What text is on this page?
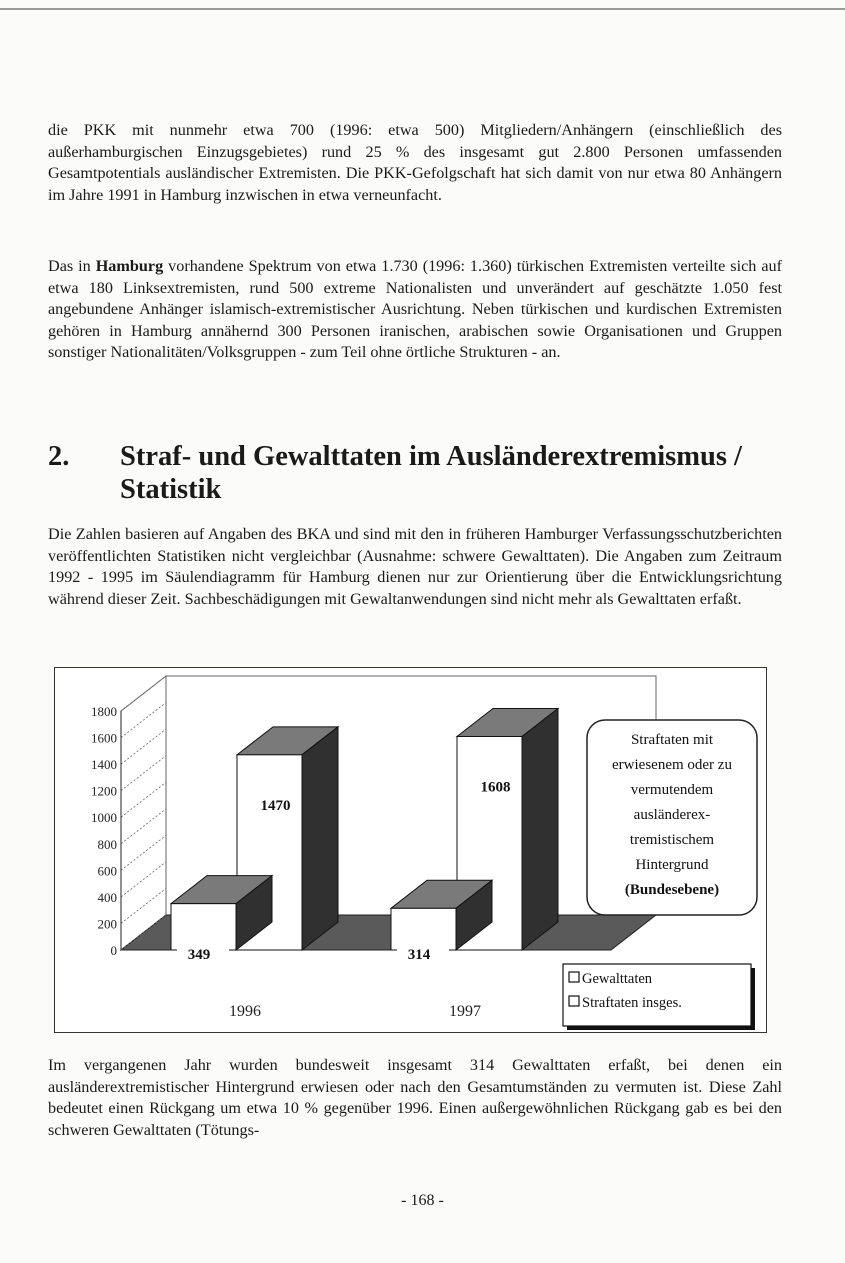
die PKK mit nunmehr etwa 700 (1996: etwa 500) Mitgliedern/Anhängern (einschließlich des außerhamburgischen Einzugsgebietes) rund 25 % des insgesamt gut 2.800 Personen umfassenden Gesamtpotentials ausländischer Extremisten. Die PKK-Gefolgschaft hat sich damit von nur etwa 80 Anhängern im Jahre 1991 in Hamburg inzwischen in etwa verneunfacht.

Das in Hamburg vorhandene Spektrum von etwa 1.730 (1996: 1.360) türkischen Extremisten verteilte sich auf etwa 180 Linksextremisten, rund 500 extreme Nationalisten und unverändert auf geschätzte 1.050 fest angebundene Anhänger islamisch-extremistischer Ausrichtung. Neben türkischen und kurdischen Extremisten gehören in Hamburg annähernd 300 Personen iranischen, arabischen sowie Organisationen und Gruppen sonstiger Nationalitäten/Volksgruppen - zum Teil ohne örtliche Strukturen - an.

2. Straf- und Gewalttaten im Ausländerextremismus / Statistik

Die Zahlen basieren auf Angaben des BKA und sind mit den in früheren Hamburger Verfassungsschutzberichten veröffentlichten Statistiken nicht vergleichbar (Ausnahme: schwere Gewalttaten). Die Angaben zum Zeitraum 1992 - 1995 im Säulendiagramm für Hamburg dienen nur zur Orientierung über die Entwicklungsrichtung während dieser Zeit. Sachbeschädigungen mit Gewaltanwendungen sind nicht mehr als Gewalttaten erfaßt.

0
200
400
600
800
1000
1200
1400
1600
1800
1470
349
1996
1608
314
1997
Straftaten mit
erwiesenem oder zu
vermutendem
ausländerex-
tremistischem
Hintergrund
(Bundesebene)
Gewalttaten
Straftaten insges.

Im vergangenen Jahr wurden bundesweit insgesamt 314 Gewalttaten erfaßt, bei denen ein ausländerextremistischer Hintergrund erwiesen oder nach den Gesamtumständen zu vermuten ist. Diese Zahl bedeutet einen Rückgang um etwa 10 % gegenüber 1996. Einen außergewöhnlichen Rückgang gab es bei den schweren Gewalttaten (Tötungs-

- 168 -
